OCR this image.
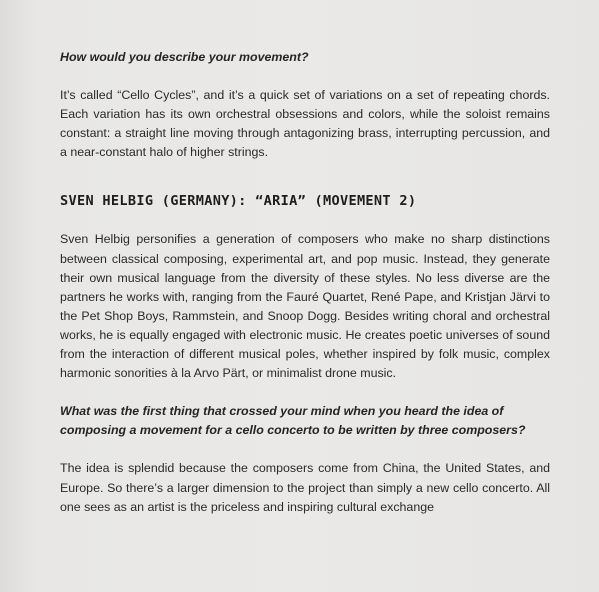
How would you describe your movement?

It’s called “Cello Cycles”, and it’s a quick set of variations on a set of repeating chords. Each variation has its own orchestral obsessions and colors, while the soloist remains constant: a straight line moving through antagonizing brass, interrupting percussion, and a near-constant halo of higher strings.

SVEN HELBIG (GERMANY): “ARIA” (MOVEMENT 2)

Sven Helbig personifies a generation of composers who make no sharp distinctions between classical composing, experimental art, and pop music. Instead, they generate their own musical language from the diversity of these styles. No less diverse are the partners he works with, ranging from the Fauré Quartet, René Pape, and Kristjan Järvi to the Pet Shop Boys, Rammstein, and Snoop Dogg. Besides writing choral and orchestral works, he is equally engaged with electronic music. He creates poetic universes of sound from the interaction of different musical poles, whether inspired by folk music, complex harmonic sonorities à la Arvo Pärt, or minimalist drone music.

What was the first thing that crossed your mind when you heard the idea of composing a movement for a cello concerto to be written by three composers?

The idea is splendid because the composers come from China, the United States, and Europe. So there’s a larger dimension to the project than simply a new cello concerto. All one sees as an artist is the priceless and inspiring cultural exchange
